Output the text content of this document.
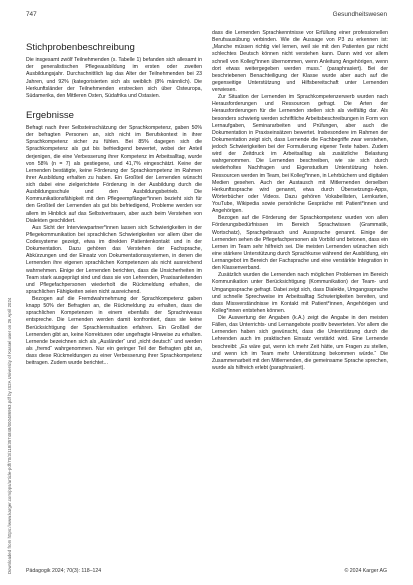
Downloaded from https://www.karger.com/pps/article-pdf/70/3/118/3574848/000486963.pdf by IS2A University of Kassel user on 26 April 2024
747	Gesundheitswesen
Stichprobenbeschreibung

Die insgesamt zwölf Teilnehmenden (s. Tabelle 1) befanden sich allesamt in der generalistischen Pflegeausbildung im ersten oder zweiten Ausbildungsjahr. Durchschnittlich lag das Alter der Teilnehmenden bei 23 Jahren, und 92% (kategorisierten sich als weiblich (8% männlich). Die Herkunftsländer der Teilnehmenden erstrecken sich über Osteuropa, Südamerika, den Mittleren Osten, Südafrika und Ostasien.

Ergebnisse

Befragt nach ihrer Selbsteinschätzung der Sprachkompetenz, gaben 50% der befragten Personen an, sich nicht im Berufskontext in ihrer Sprachkompetenz sicher zu fühlen. Bei 85% dagegen sich die Sprachkompetenz als gut bis befriedigend bewertet, wobei der Anteil derjenigen, die eine Verbesserung ihrer Kompetenz im Arbeitsalltag, wurde von 58% (n = 7) als gestiegene, und 41,7% eingeschätzt. Keine der Lernenden bestätigte, keine Förderung der Sprachkompetenz im Rahmen ihrer Ausbildung erhalten zu haben. Ein Großteil der Lernenden wünscht sich dabei eine zielgerichtete Förderung in der Ausbildung durch die Ausbildungsschule und den Ausbildungsbetrieb. Die Kommunikationsfähigkeit mit den Pflegeempfänger*innen bezieht sich für den Großteil der Lernenden als gut bis befriedigend, Probleme werden vor allem im Hinblick auf das Selbstvertrauen, aber auch beim Verstehen von Dialekten geschildert.

Aus Sicht der Interviewpartner*innen lassen sich Schwierigkeiten in der Pflegekommunikation bei sprachlichen Schwierigkeiten vor allem über die Codesysteme gezeigt, etwa im direkten Patientenkontakt und in der Dokumentation. Dazu gehören das Verstehen der Fachsprache, Abkürzungen und der Einsatz von Dokumentationssystemen, in denen die Lernenden ihre eigenen sprachlichen Kompetenzen als nicht ausreichend wahrnehmen. Einige der Lernenden berichten, dass die Unsicherheiten im Team stark ausgeprägt sind und dass sie von Lehrenden, Praxisanleitenden und Pflegefachpersonen wiederholt die Rückmeldung erhalten, die sprachlichen Fähigkeiten seien nicht ausreichend.

Bezogen auf die Fremdwahrnehmung der Sprachkompetenz gaben knapp 50% der Befragten an, die Rückmeldung zu erhalten, dass die sprachlichen Kompetenzen in einem ebenfalls der Sprachniveaus entspreche. Die Lernenden werden damit konfrontiert, dass sie keine Berücksichtigung der Sprachlernsituation erfahren. Ein Großteil der Lernenden gibt an, keine Korrekturen oder ungefragte Hinweise zu erhalten. Lernende bezeichnen sich als „Ausländer“ und „nicht deutsch“ und werden als „fremd“ wahrgenommen. Nur ein geringer Teil der Befragten gibt an, dass diese Rückmeldungen zu einer Verbesserung ihrer Sprachkompetenz beitragen. Zudem wurde berichtet...

dass die Lernenden Sprachkenntnisse vor Erfüllung einer professionellen Berufsausübung verbinden. Wie die Aussage von P3 zu erkennen ist: „Manche müssen richtig viel lernen, weil sie mit den Patienten gar nicht schlechtes Deutsch können nicht verstehen kann. Dann wird vor allem schnell von Kolleg*innen übernommen, wenn Anleitung Angehörigen, wenn dort etwas weitergegeben werden muss.“ (paraphrasiert). Bei der beschriebenen Benachteiligung der Klasse wurde aber auch auf die gegenseitige Unterstützung und Hilfsbereitschaft unter Lernenden verwiesen.

Zur Situation der Lernenden im Sprachkompetenzerwerb wurden nach Herausforderungen und Ressourcen gefragt. Die Arten der Herausforderungen für die Lernenden stellen sich als vielfältig dar. Als besonders schwierig werden schriftliche Arbeitsbeschreibungen in Form von Lernaufgaben, Seminararbeiten und Prüfungen, aber auch die Dokumentation in Praxiseinsätzen bewertet. Insbesondere im Rahmen der Dokumentation zeigt sich, dass Lernende die Fachbegriffe zwar verstehen, jedoch Schwierigkeiten bei der Formulierung eigener Texte haben. Zudem wird der Zeitdruck im Arbeitsalltag als zusätzliche Belastung wahrgenommen. Die Lernenden beschreiben, wie sie sich durch wiederholtes Nachfragen und Eigenstudium Unterstützung holen. Ressourcen werden im Team, bei Kolleg*innen, in Lehrbüchern und digitalen Medien gesehen. Auch der Austausch mit Mitlernenden derselben Herkunftssprache wird genannt, etwa durch Übersetzungs-Apps, Wörterbücher oder Videos. Dazu gehören Vokabellisten, Lernkarten, YouTube, Wikipedia sowie persönliche Gespräche mit Patient*innen und Angehörigen.

Bezogen auf die Förderung der Sprachkompetenz wurden von allen Förderungsbedürfnissen im Bereich Sprachwissen (Grammatik, Wortschatz), Sprachgebrauch und Aussprache genannt. Einige der Lernenden sehen die Pflegefachpersonen als Vorbild und betonen, dass ein Lernen im Team sehr hilfreich sei. Die meisten Lernenden wünschen sich eine stärkere Unterstützung durch Sprachkurse während der Ausbildung, ein Lernangebot im Bereich der Fachsprache und eine verstärkte Integration in den Klassenverband.

Zusätzlich wurden die Lernenden nach möglichen Problemen im Bereich Kommunikation unter Berücksichtigung (Kommunikation) der Team- und Umgangssprache gefragt. Dabei zeigt sich, dass Dialekte, Umgangssprache und schnelle Sprechweise im Arbeitsalltag Schwierigkeiten bereiten, und dass Missverständnisse im Kontakt mit Patient*innen, Angehörigen und Kolleg*innen entstehen können.

Die Auswertung der Angaben (k.A.) zeigt die Angabe in den meisten Fällen, das Unterrichts- und Lernangebote positiv bewerteten. Vor allem die Lernenden haben sich gewünscht, dass die Unterstützung durch die Lehrenden auch im praktischen Einsatz verstärkt wird. Eine Lernende beschreibt: „Es wäre gut, wenn ich mehr Zeit hätte, um Fragen zu stellen, und wenn ich im Team mehr Unterstützung bekommen würde.“ Die Zusammenarbeit mit den Mitlernenden, die gemeinsame Sprache sprechen, wurde als hilfreich erlebt (paraphrasiert).

Pädagogik 2024; 70(3): 118–124	© 2024 Karger AG
